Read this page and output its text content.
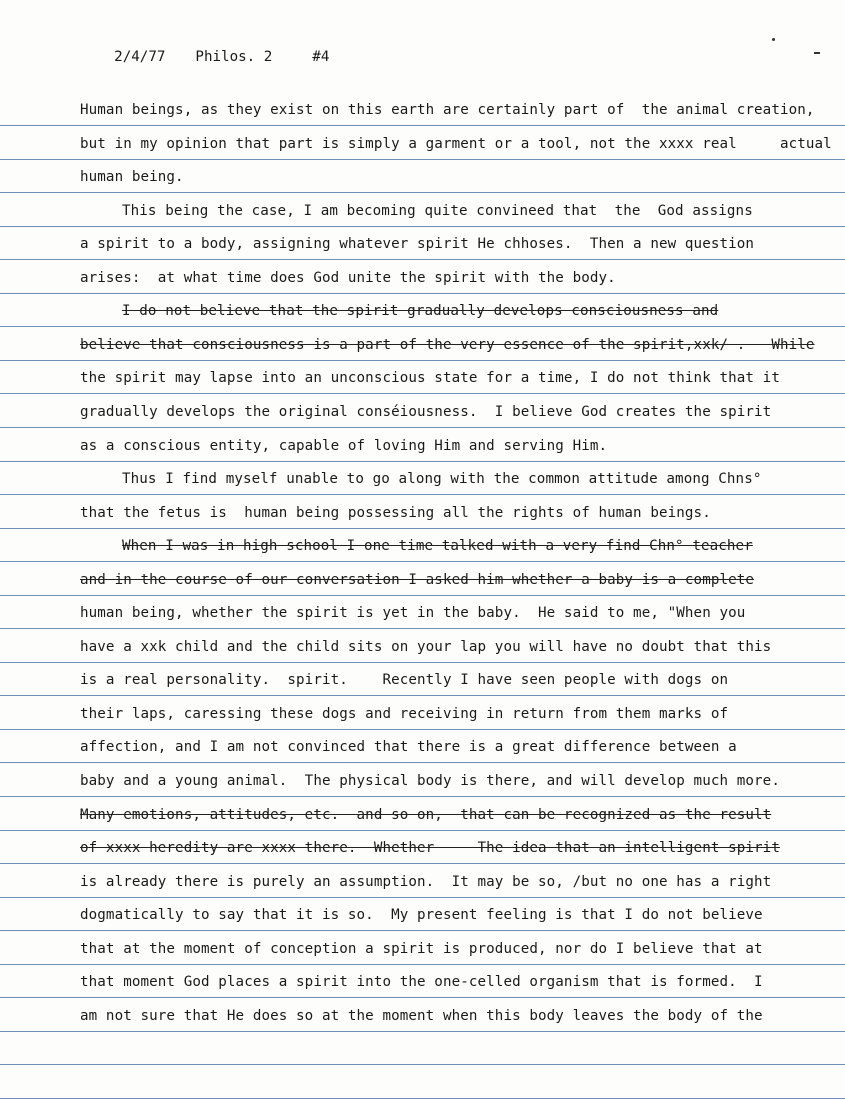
2/4/77 Philos. 2	#4

Human beings, as they exist on this earth are certainly part of  the animal creation,
but in my opinion that part is simply a garment or a tool, not the xxxx real     actual
human being.
This being the case, I am becoming quite convineed that  the  God assigns
a spirit to a body, assigning whatever spirit He chhoses.  Then a new question
arises:  at what time does God unite the spirit with the body.
I do not believe that the spirit gradually develops consciousness and
believe that consciousness is a part of the very essence of the spirit,xxk/ .   While
the spirit may lapse into an unconscious state for a time, I do not think that it
gradually develops the original conséiousness.  I believe God creates the spirit
as a conscious entity, capable of loving Him and serving Him.
Thus I find myself unable to go along with the common attitude among Chns°
that the fetus is  human being possessing all the rights of human beings.
When I was in high school I one time talked with a very find Chn° teacher
and in the course of our conversation I asked him whether a baby is a complete
human being, whether the spirit is yet in the baby.  He said to me, "When you
have a xxk child and the child sits on your lap you will have no doubt that this
is a real personality.  spirit.    Recently I have seen people with dogs on
their laps, caressing these dogs and receiving in return from them marks of
affection, and I am not convinced that there is a great difference between a
baby and a young animal.  The physical body is there, and will develop much more.
Many emotions, attitudes, etc.  and so on,  that can be recognized as the result
of xxxx heredity are xxxx there.  Whether     The idea that an intelligent spirit
is already there is purely an assumption.  It may be so, /but no one has a right
dogmatically to say that it is so.  My present feeling is that I do not believe
that at the moment of conception a spirit is produced, nor do I believe that at
that moment God places a spirit into the one-celled organism that is formed.  I
am not sure that He does so at the moment when this body leaves the body of the
